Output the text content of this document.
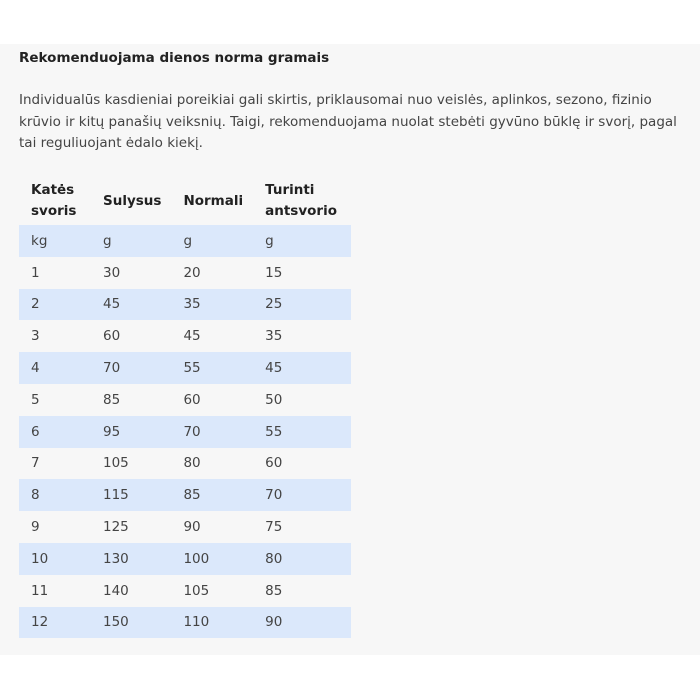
Rekomenduojama dienos norma gramais

Individualūs kasdieniai poreikiai gali skirtis, priklausomai nuo veislės, aplinkos, sezono, fizinio krūvio ir kitų panašių veiksnių. Taigi, rekomenduojama nuolat stebėti gyvūno būklę ir svorį, pagal tai reguliuojant ėdalo kiekį.

Katės
svoris	Sulysus	Normali	Turinti
antsvorio
kg	g	g	g
1	30	20	15
2	45	35	25
3	60	45	35
4	70	55	45
5	85	60	50
6	95	70	55
7	105	80	60
8	115	85	70
9	125	90	75
10	130	100	80
11	140	105	85
12	150	110	90
